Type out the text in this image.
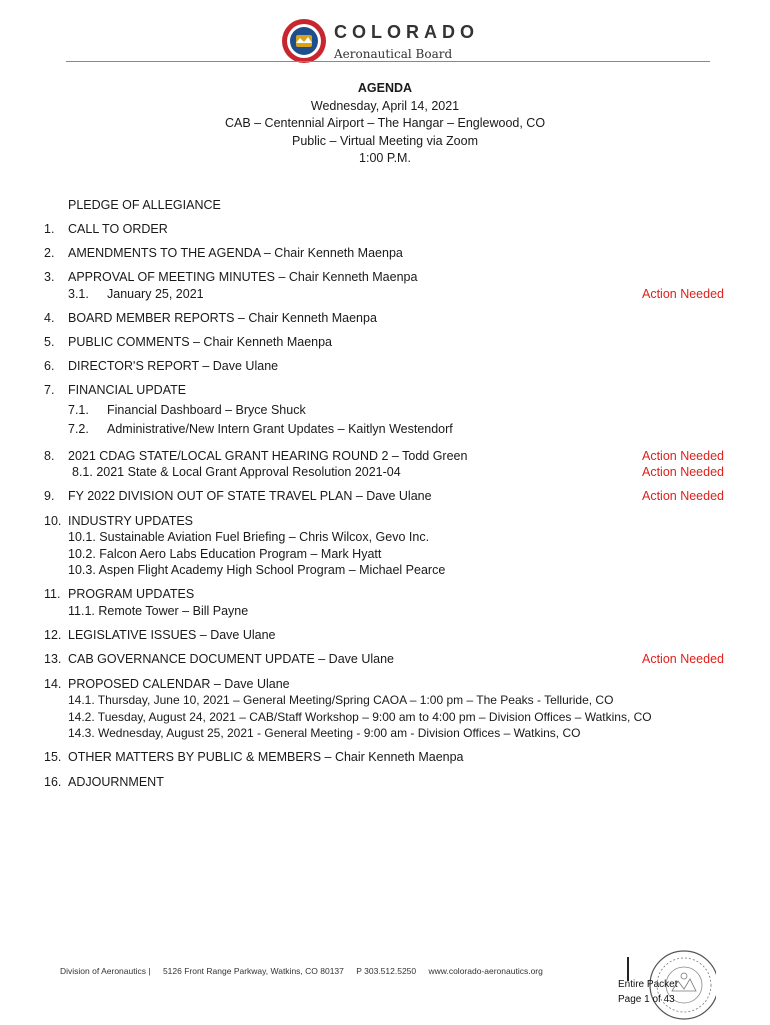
COLORADO
Aeronautical Board
AGENDA
Wednesday, April 14, 2021
CAB – Centennial Airport – The Hangar – Englewood, CO
Public – Virtual Meeting via Zoom
1:00 P.M.
PLEDGE OF ALLEGIANCE
1. CALL TO ORDER
2. AMENDMENTS TO THE AGENDA – Chair Kenneth Maenpa
3. APPROVAL OF MEETING MINUTES – Chair Kenneth Maenpa
3.1. January 25, 2021	Action Needed
4. BOARD MEMBER REPORTS – Chair Kenneth Maenpa
5. PUBLIC COMMENTS – Chair Kenneth Maenpa
6. DIRECTOR'S REPORT – Dave Ulane
7. FINANCIAL UPDATE
7.1. Financial Dashboard – Bryce Shuck
7.2. Administrative/New Intern Grant Updates – Kaitlyn Westendorf
8. 2021 CDAG STATE/LOCAL GRANT HEARING ROUND 2 – Todd Green	Action Needed
8.1. 2021 State & Local Grant Approval Resolution 2021-04	Action Needed
9. FY 2022 DIVISION OUT OF STATE TRAVEL PLAN – Dave Ulane	Action Needed
10. INDUSTRY UPDATES
10.1. Sustainable Aviation Fuel Briefing – Chris Wilcox, Gevo Inc.
10.2. Falcon Aero Labs Education Program – Mark Hyatt
10.3. Aspen Flight Academy High School Program – Michael Pearce
11. PROGRAM UPDATES
11.1. Remote Tower – Bill Payne
12. LEGISLATIVE ISSUES – Dave Ulane
13. CAB GOVERNANCE DOCUMENT UPDATE – Dave Ulane	Action Needed
14. PROPOSED CALENDAR – Dave Ulane
14.1. Thursday, June 10, 2021 – General Meeting/Spring CAOA – 1:00 pm – The Peaks - Telluride, CO
14.2. Tuesday, August 24, 2021 – CAB/Staff Workshop – 9:00 am to 4:00 pm – Division Offices – Watkins, CO
14.3. Wednesday, August 25, 2021 - General Meeting - 9:00 am - Division Offices – Watkins, CO
15. OTHER MATTERS BY PUBLIC & MEMBERS – Chair Kenneth Maenpa
16. ADJOURNMENT
Division of Aeronautics | 5126 Front Range Parkway, Watkins, CO 80137 P 303.512.5250 www.colorado-aeronautics.org
Entire Packet
Page 1 of 43
